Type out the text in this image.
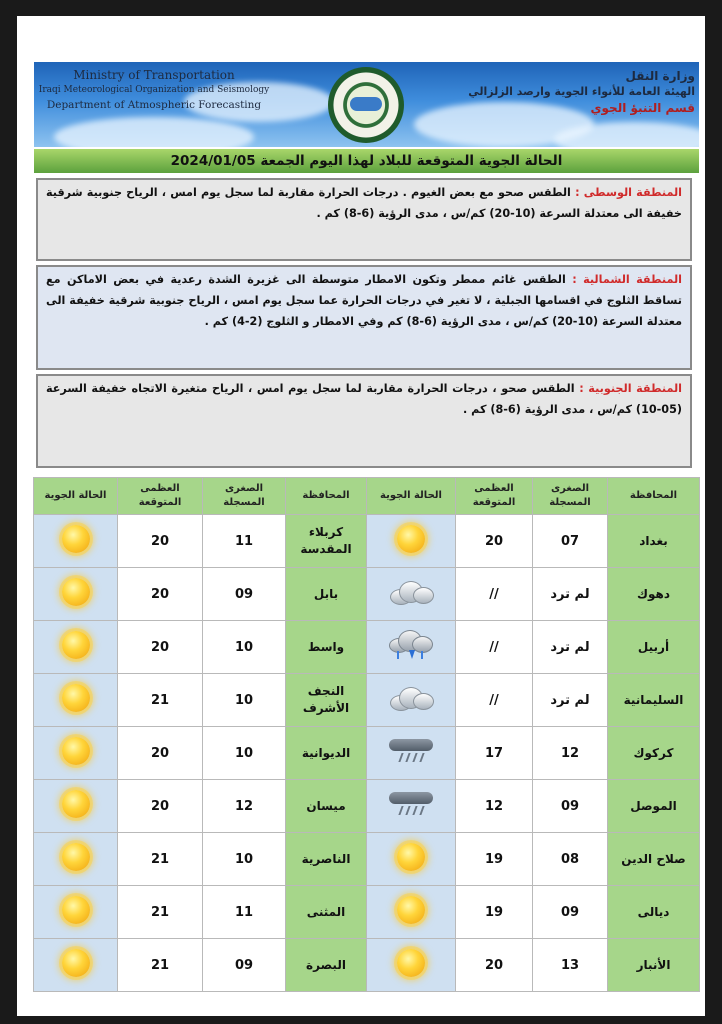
Ministry of Transportation
Iraqi Meteorological Organization and Seismology
Department of Atmospheric Forecasting
وزارة النقل
الهيئة العامة للأنواء الجوية وارصد الزلزالي
قسم التنبؤ الجوي
الحالة الجوية المتوقعة للبلاد لهذا اليوم الجمعة 2024/01/05
المنطقة الوسطى : الطقس صحو مع بعض الغيوم . درجات الحرارة مقاربة لما سجل يوم امس ، الرياح جنوبية شرقية خفيفة الى معتدلة السرعة (10-20) كم/س ، مدى الرؤية (6-8) كم .
المنطقة الشمالية : الطقس غائم ممطر وتكون الامطار متوسطة الى غزيرة الشدة رعدية في بعض الاماكن مع تساقط الثلوج في اقسامها الجبلية ، لا تغير في درجات الحرارة عما سجل يوم امس ، الرياح جنوبية شرقية خفيفة الى معتدلة السرعة (10-20) كم/س ، مدى الرؤية (6-8) كم وفي الامطار و الثلوج (2-4) كم .
المنطقة الجنوبية : الطقس صحو ، درجات الحرارة مقاربة لما سجل يوم امس ، الرياح متغيرة الاتجاه خفيفة السرعة (05-10) كم/س ، مدى الرؤية (6-8) كم .
المحافظة	الصغرى المسجلة	العظمى المتوقعة	الحالة الجوية	المحافظة	الصغرى المسجلة	العظمى المتوقعة	الحالة الجوية
بغداد	07	20		كربلاء المقدسة	11	20	
دهوك	لم ترد	//		بابل	09	20	
أربيل	لم ترد	//		واسط	10	20	
السليمانية	لم ترد	//		النجف الأشرف	10	21	
كركوك	12	17		الديوانية	10	20	
الموصل	09	12		ميسان	12	20	
صلاح الدين	08	19		الناصرية	10	21	
ديالى	09	19		المثنى	11	21	
الأنبار	13	20		البصرة	09	21	
